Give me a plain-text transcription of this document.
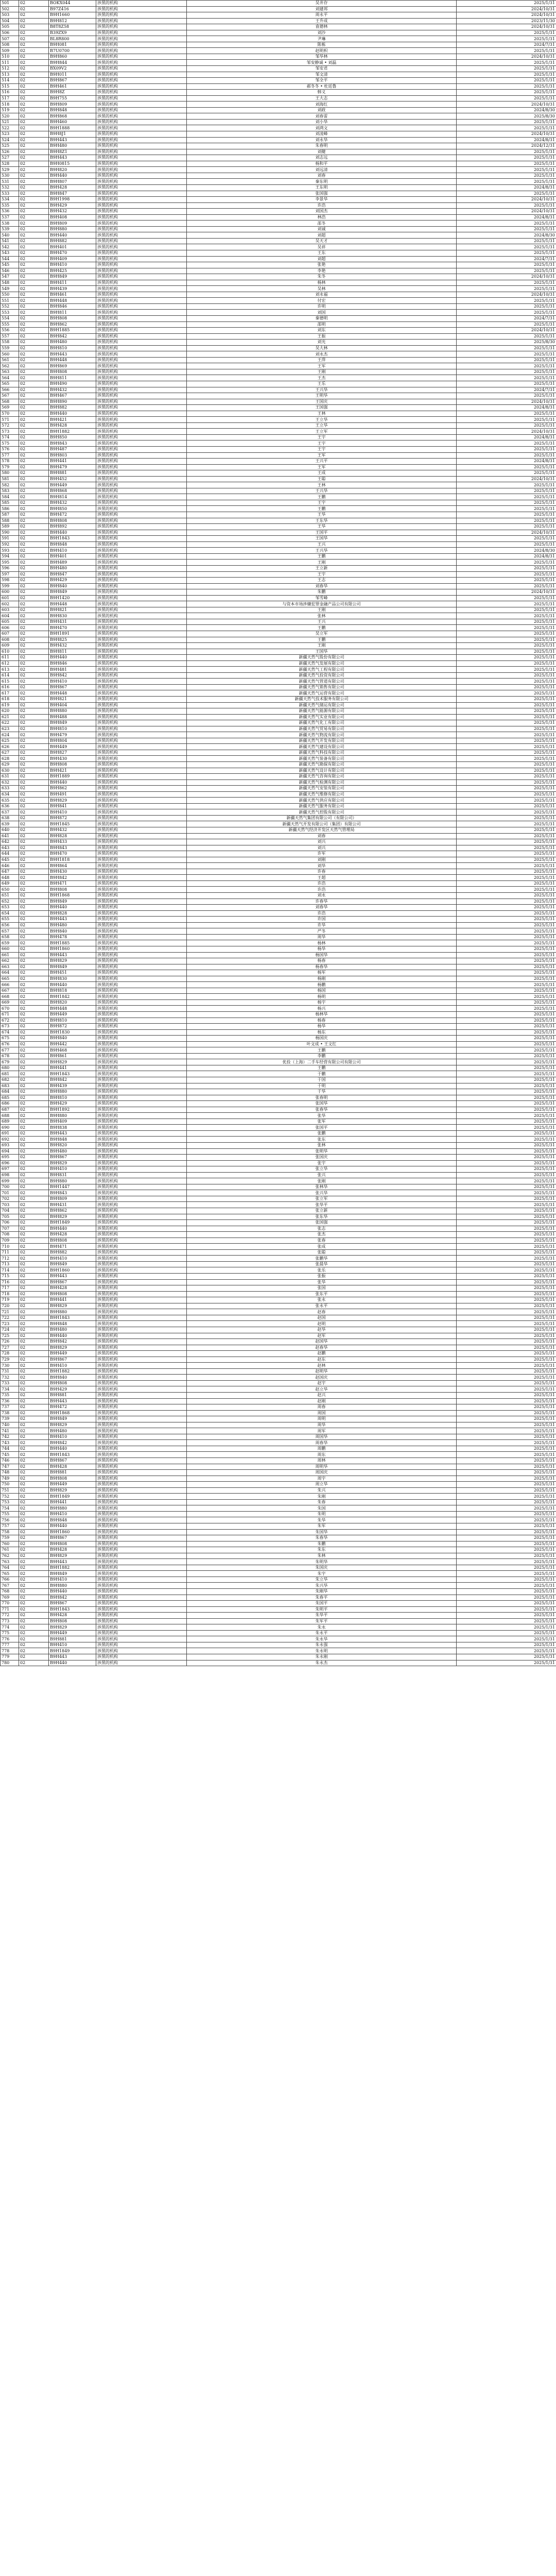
501	02	BOKX044	涉黑的机构	吴井存	2025/1/31
502	02	B97Z416	涉黑的机构	刘建邦	2024/10/31
503	02	B9H1660	涉黑的机构	周永平	2024/10/31
504	02	B9H812	涉黑的机构	王升成	2023/11/30
505	02	B8T8Z58	涉黑的机构	袁德林	2024/10/31
506	02	B39ZX9	涉黑的机构	刘沙	2025/1/31
507	02	BL8R800	涉黑的机构	尹琳	2025/1/31
508	02	B9H081	涉黑的机构	陈栋	2024/7/31
509	02	B7U0700	涉黑的机构	赵明枳	2025/1/31
510	02	B9H860	涉黑的机构	邹华林	2024/10/31
511	02	B9H844	涉黑的机构	邹安静诚 • 刘磊	2025/1/31
512	02	BX09V2	涉黑的机构	邹安君	2025/1/31
513	02	B9H011	涉黑的机构	邹文清	2025/1/31
514	02	B9H867	涉黑的机构	邹全平	2025/1/31
515	02	B9H461	涉黑的机构	郝冬冬 • 杜廷鲁	2025/1/31
516	02	B9H8Z	涉黑的机构	韩义	2025/1/31
517	02	B9H755	涉黑的机构	王大志	2025/1/31
518	02	B9H809	涉黑的机构	刘海红	2024/10/31
519	02	B9H848	涉黑的机构	刘政	2024/8/30
520	02	B9H868	涉黑的机构	刘春雷	2025/8/30
521	02	B9H460	涉黑的机构	刘小华	2025/1/31
522	02	B9H1888	涉黑的机构	刘鸿文	2025/1/31
523	02	B9H8J1	涉黑的机构	刘凌峰	2024/10/31
524	02	B9H443	涉黑的机构	刘永华	2024/8/31
525	02	B9H480	涉黑的机构	朱春明	2024/12/31
526	02	B9H8Z1	涉黑的机构	刘健	2025/1/31
527	02	B9H443	涉黑的机构	刘志远	2025/1/31
528	02	B9H0815	涉黑的机构	杨和平	2025/1/31
529	02	B9H820	涉黑的机构	刘远清	2025/1/31
530	02	B9H440	涉黑的机构	刘春	2025/1/31
531	02	B9H807	涉黑的机构	秦东明	2025/1/31
532	02	B9H428	涉黑的机构	王东明	2024/8/31
533	02	B9H847	涉黑的机构	张国强	2025/1/31
534	02	B9H1998	涉黑的机构	李景华	2024/10/31
535	02	B9H429	涉黑的机构	许浩	2025/1/31
536	02	B9H432	涉黑的机构	刘国杰	2024/10/31
537	02	B9H408	涉黑的机构	林浩	2024/8/31
538	02	B9H809	涉黑的机构	邵冬	2025/1/31
539	02	B9H880	涉黑的机构	刘诚	2025/1/31
540	02	B9H440	涉黑的机构	刘超	2024/8/30
541	02	B9H882	涉黑的机构	吴天才	2025/1/31
542	02	B9H401	涉黑的机构	吴祥	2025/1/31
543	02	B9H470	涉黑的机构	王东	2025/1/31
544	02	B9H409	涉黑的机构	刘超	2024/7/31
545	02	B9H410	涉黑的机构	张艳	2025/1/31
546	02	B9H425	涉黑的机构	李艳	2025/1/31
547	02	B9H849	涉黑的机构	朱冬	2024/10/31
548	02	B9H411	涉黑的机构	杨林	2025/1/31
549	02	B9H439	涉黑的机构	吴林	2025/1/31
550	02	B9H461	涉黑的机构	刘永福	2024/10/31
551	02	B9H448	涉黑的机构	付宏	2025/1/31
552	02	B9H846	涉黑的机构	许明	2025/1/31
553	02	B9H811	涉黑的机构	刘国	2025/1/31
554	02	B9H808	涉黑的机构	秦德明	2024/7/31
555	02	B9H862	涉黑的机构	邵明	2025/1/31
556	02	B9H1885	涉黑的机构	刘东	2024/10/31
557	02	B9H842	涉黑的机构	王振	2025/1/31
558	02	B9H480	涉黑的机构	刘光	2025/8/30
559	02	B9H810	涉黑的机构	吴大林	2025/1/31
560	02	B9H443	涉黑的机构	刘永杰	2025/1/31
561	02	B9H448	涉黑的机构	王萍	2025/1/31
562	02	B9H869	涉黑的机构	王军	2025/1/31
563	02	B9H808	涉黑的机构	王刚	2025/1/31
564	02	B9H811	涉黑的机构	王杰	2025/1/31
565	02	B9H490	涉黑的机构	王乐	2025/1/31
566	02	B9H432	涉黑的机构	王兴华	2024/7/31
567	02	B9H467	涉黑的机构	王明华	2025/1/31
568	02	B9H890	涉黑的机构	王国庆	2024/10/31
569	02	B9H882	涉黑的机构	王国强	2024/8/31
570	02	B9H440	涉黑的机构	王林	2025/1/31
571	02	B9H421	涉黑的机构	王立华	2025/1/31
572	02	B9H428	涉黑的机构	王立华	2025/1/31
573	02	B9H1882	涉黑的机构	王立军	2024/10/31
574	02	B9H850	涉黑的机构	王宇	2024/8/31
575	02	B9H843	涉黑的机构	王宇	2025/1/31
576	02	B9H487	涉黑的机构	王宇	2025/1/31
577	02	B9H803	涉黑的机构	王军	2025/1/31
578	02	B9H441	涉黑的机构	王兴平	2024/8/31
579	02	B9H479	涉黑的机构	王军	2025/1/31
580	02	B9H881	涉黑的机构	王成	2025/1/31
581	02	B9H452	涉黑的机构	王聪	2024/10/31
582	02	B9H449	涉黑的机构	王林	2025/1/31
583	02	B9H868	涉黑的机构	王兴华	2025/1/31
584	02	B9H814	涉黑的机构	王鹏	2025/1/31
585	02	B9H432	涉黑的机构	王宇	2025/1/31
586	02	B9H850	涉黑的机构	王鹏	2025/1/31
587	02	B9H472	涉黑的机构	王华	2025/1/31
588	02	B9H808	涉黑的机构	王东华	2025/1/31
589	02	B9H892	涉黑的机构	王华	2025/1/31
590	02	B9H440	涉黑的机构	王国平	2024/10/31
591	02	B9H1843	涉黑的机构	王国华	2025/1/31
592	02	B9H848	涉黑的机构	王兴	2025/1/31
593	02	B9H410	涉黑的机构	王兴华	2024/8/30
594	02	B9H401	涉黑的机构	王鹏	2024/8/31
595	02	B9H489	涉黑的机构	王刚	2025/1/31
596	02	B9H480	涉黑的机构	王立新	2025/1/31
597	02	B9H847	涉黑的机构	王宇	2025/1/31
598	02	B9H429	涉黑的机构	王志	2025/1/31
599	02	B9H840	涉黑的机构	刘春华	2025/1/31
600	02	B9H849	涉黑的机构	朱鹏	2024/10/31
601	02	B9H1420	涉黑的机构	邹雪峰	2025/1/31
602	02	B9H448	涉黑的机构	与资本市场涉嫌犯罪金融产品公司有限公司	2025/1/31
603	02	B9H821	涉黑的机构	王刚	2025/1/31
604	02	B9H830	涉黑的机构	张林	2025/1/31
605	02	B9H431	涉黑的机构	王兴	2025/1/31
606	02	B9H470	涉黑的机构	王鹏	2025/1/31
607	02	B9H1891	涉黑的机构	吴立军	2025/1/31
608	02	B9H825	涉黑的机构	王鹏	2025/1/31
609	02	B9H432	涉黑的机构	王刚	2025/1/31
610	02	B9H811	涉黑的机构	王国华	2025/1/31
611	02	B9H440	涉黑的机构	新疆天然气股份有限公司	2025/1/31
612	02	B9H846	涉黑的机构	新疆天然气发展有限公司	2025/1/31
613	02	B9H481	涉黑的机构	新疆天然气工程有限公司	2025/1/31
614	02	B9H842	涉黑的机构	新疆天然气投资有限公司	2025/1/31
615	02	B9H410	涉黑的机构	新疆天然气管道有限公司	2025/1/31
616	02	B9H867	涉黑的机构	新疆天然气销售有限公司	2025/1/31
617	02	B9H448	涉黑的机构	新疆天然气运营有限公司	2025/1/31
618	02	B9H821	涉黑的机构	新疆天然气技术服务有限公司	2025/1/31
619	02	B9H404	涉黑的机构	新疆天然气储运有限公司	2025/1/31
620	02	B9H880	涉黑的机构	新疆天然气能源有限公司	2025/1/31
621	02	B9H488	涉黑的机构	新疆天然气实业有限公司	2025/1/31
622	02	B9H849	涉黑的机构	新疆天然气化工有限公司	2025/1/31
623	02	B9H810	涉黑的机构	新疆天然气贸易有限公司	2025/1/31
624	02	B9H479	涉黑的机构	新疆天然气物流有限公司	2025/1/31
625	02	B9H804	涉黑的机构	新疆天然气开发有限公司	2025/1/31
626	02	B9H449	涉黑的机构	新疆天然气建设有限公司	2025/1/31
627	02	B9H827	涉黑的机构	新疆天然气科技有限公司	2025/1/31
628	02	B9H430	涉黑的机构	新疆天然气装备有限公司	2025/1/31
629	02	B9H808	涉黑的机构	新疆天然气勘探有限公司	2025/1/31
630	02	B9H421	涉黑的机构	新疆天然气设计有限公司	2025/1/31
631	02	B9H1889	涉黑的机构	新疆天然气咨询有限公司	2025/1/31
632	02	B9H440	涉黑的机构	新疆天然气检测有限公司	2025/1/31
633	02	B9H862	涉黑的机构	新疆天然气安装有限公司	2025/1/31
634	02	B9H491	涉黑的机构	新疆天然气维修有限公司	2025/1/31
635	02	B9H829	涉黑的机构	新疆天然气供应有限公司	2025/1/31
636	02	B9H841	涉黑的机构	新疆天然气服务有限公司	2025/1/31
637	02	B9H410	涉黑的机构	新疆天然气控股有限公司	2025/1/31
638	02	B9H872	涉黑的机构	新疆天然气集团有限公司（有限公司）	2025/1/31
639	02	B9H1845	涉黑的机构	新疆天然气开发有限公司（集团）有限公司	2025/1/31
640	02	B9H432	涉黑的机构	新疆天然气经济开发区天然气管理局	2025/1/31
641	02	B9H828	涉黑的机构	刘春	2025/1/31
642	02	B9H433	涉黑的机构	刘兴	2025/1/31
643	02	B9H843	涉黑的机构	刘兴	2025/1/31
644	02	B9H470	涉黑的机构	许军	2025/1/31
645	02	B9H1818	涉黑的机构	刘刚	2025/1/31
646	02	B9H864	涉黑的机构	刘华	2025/1/31
647	02	B9H430	涉黑的机构	许春	2025/1/31
648	02	B9H842	涉黑的机构	王超	2025/1/31
649	02	B9H471	涉黑的机构	许浩	2025/1/31
650	02	B9H808	涉黑的机构	许浩	2025/1/31
651	02	B9H1868	涉黑的机构	刘永	2025/1/31
652	02	B9H849	涉黑的机构	许春华	2025/1/31
653	02	B9H440	涉黑的机构	刘春华	2025/1/31
654	02	B9H828	涉黑的机构	许浩	2025/1/31
655	02	B9H443	涉黑的机构	许国	2025/1/31
656	02	B9H480	涉黑的机构	许华	2025/1/31
657	02	B9H840	涉黑的机构	严冬	2025/1/31
658	02	B9H478	涉黑的机构	周华	2025/1/31
659	02	B9H1885	涉黑的机构	杨林	2025/1/31
660	02	B9H1860	涉黑的机构	杨华	2025/1/31
661	02	B9H443	涉黑的机构	杨国华	2025/1/31
662	02	B9H829	涉黑的机构	杨春	2025/1/31
663	02	B9H849	涉黑的机构	杨春华	2025/1/31
664	02	B9H451	涉黑的机构	杨军	2025/1/31
665	02	B9H830	涉黑的机构	杨刚	2025/1/31
666	02	B9H440	涉黑的机构	杨鹏	2025/1/31
667	02	B9H818	涉黑的机构	杨国	2025/1/31
668	02	B9H1842	涉黑的机构	杨明	2025/1/31
669	02	B9H820	涉黑的机构	杨宇	2025/1/31
670	02	B9H448	涉黑的机构	杨兴	2025/1/31
671	02	B9H449	涉黑的机构	杨林华	2025/1/31
672	02	B9H810	涉黑的机构	杨春	2025/1/31
673	02	B9H872	涉黑的机构	杨华	2025/1/31
674	02	B9H1830	涉黑的机构	杨东	2025/1/31
675	02	B9H840	涉黑的机构	杨国庆	2025/1/31
676	02	B9H442	涉黑的机构	叶文成 • 王文红	2025/1/31
677	02	B9H468	涉黑的机构	王鹏	2025/1/31
678	02	B9H861	涉黑的机构	李鹏	2025/1/31
679	02	B9H829	涉黑的机构	优投（上海）二手车经营有限公司有限公司	2025/1/31
680	02	B9H441	涉黑的机构	王鹏	2025/1/31
681	02	B9H1843	涉黑的机构	于鹏	2025/1/31
682	02	B9H842	涉黑的机构	于国	2025/1/31
683	02	B9H439	涉黑的机构	于明	2025/1/31
684	02	B9H880	涉黑的机构	于华	2025/1/31
685	02	B9H810	涉黑的机构	张春明	2025/1/31
686	02	B9H429	涉黑的机构	张国华	2025/1/31
687	02	B9H1892	涉黑的机构	张春华	2025/1/31
688	02	B9H880	涉黑的机构	张华	2025/1/31
689	02	B9H409	涉黑的机构	张军	2025/1/31
690	02	B9H838	涉黑的机构	张国平	2025/1/31
691	02	B9H443	涉黑的机构	张鹏	2025/1/31
692	02	B9H848	涉黑的机构	张东	2025/1/31
693	02	B9H820	涉黑的机构	张林	2025/1/31
694	02	B9H480	涉黑的机构	张明华	2025/1/31
695	02	B9H867	涉黑的机构	张国庆	2025/1/31
696	02	B9H829	涉黑的机构	张宇	2025/1/31
697	02	B9H410	涉黑的机构	张立华	2025/1/31
698	02	B9H831	涉黑的机构	张兴	2025/1/31
699	02	B9H880	涉黑的机构	张刚	2025/1/31
700	02	B9H1447	涉黑的机构	张林华	2025/1/31
701	02	B9H843	涉黑的机构	张兴华	2025/1/31
702	02	B9H809	涉黑的机构	张立军	2025/1/31
703	02	B9H431	涉黑的机构	张华平	2025/1/31
704	02	B9H862	涉黑的机构	张立新	2025/1/31
705	02	B9H829	涉黑的机构	张东华	2025/1/31
706	02	B9H1849	涉黑的机构	张国强	2025/1/31
707	02	B9H440	涉黑的机构	张志	2025/1/31
708	02	B9H428	涉黑的机构	张杰	2025/1/31
709	02	B9H808	涉黑的机构	张春	2025/1/31
710	02	B9H471	涉黑的机构	张成	2025/1/31
711	02	B9H882	涉黑的机构	张聪	2025/1/31
712	02	B9H410	涉黑的机构	张鹏华	2025/1/31
713	02	B9H849	涉黑的机构	张晨华	2025/1/31
714	02	B9H1860	涉黑的机构	张乐	2025/1/31
715	02	B9H443	涉黑的机构	张振	2025/1/31
716	02	B9H867	涉黑的机构	张华	2025/1/31
717	02	B9H428	涉黑的机构	张国	2025/1/31
718	02	B9H808	涉黑的机构	张东平	2025/1/31
719	02	B9H441	涉黑的机构	张永	2025/1/31
720	02	B9H829	涉黑的机构	张永平	2025/1/31
721	02	B9H880	涉黑的机构	赵春	2025/1/31
722	02	B9H1843	涉黑的机构	赵国	2025/1/31
723	02	B9H848	涉黑的机构	赵明	2025/1/31
724	02	B9H480	涉黑的机构	赵华	2025/1/31
725	02	B9H440	涉黑的机构	赵军	2025/1/31
726	02	B9H842	涉黑的机构	赵国华	2025/1/31
727	02	B9H829	涉黑的机构	赵春华	2025/1/31
728	02	B9H449	涉黑的机构	赵鹏	2025/1/31
729	02	B9H867	涉黑的机构	赵东	2025/1/31
730	02	B9H410	涉黑的机构	赵林	2025/1/31
731	02	B9H1882	涉黑的机构	赵明华	2025/1/31
732	02	B9H840	涉黑的机构	赵国庆	2025/1/31
733	02	B9H808	涉黑的机构	赵宇	2025/1/31
734	02	B9H429	涉黑的机构	赵立华	2025/1/31
735	02	B9H881	涉黑的机构	赵兴	2025/1/31
736	02	B9H443	涉黑的机构	赵刚	2025/1/31
737	02	B9H472	涉黑的机构	周春	2025/1/31
738	02	B9H1868	涉黑的机构	周国	2025/1/31
739	02	B9H849	涉黑的机构	周明	2025/1/31
740	02	B9H829	涉黑的机构	周华	2025/1/31
741	02	B9H480	涉黑的机构	周军	2025/1/31
742	02	B9H410	涉黑的机构	周国华	2025/1/31
743	02	B9H842	涉黑的机构	周春华	2025/1/31
744	02	B9H440	涉黑的机构	周鹏	2025/1/31
745	02	B9H1843	涉黑的机构	周东	2025/1/31
746	02	B9H867	涉黑的机构	周林	2025/1/31
747	02	B9H428	涉黑的机构	周明华	2025/1/31
748	02	B9H881	涉黑的机构	周国庆	2025/1/31
749	02	B9H808	涉黑的机构	周宇	2025/1/31
750	02	B9H449	涉黑的机构	周立华	2025/1/31
751	02	B9H829	涉黑的机构	朱兴	2025/1/31
752	02	B9H1849	涉黑的机构	朱刚	2025/1/31
753	02	B9H441	涉黑的机构	朱春	2025/1/31
754	02	B9H880	涉黑的机构	朱国	2025/1/31
755	02	B9H410	涉黑的机构	朱明	2025/1/31
756	02	B9H848	涉黑的机构	朱华	2025/1/31
757	02	B9H440	涉黑的机构	朱军	2025/1/31
758	02	B9H1860	涉黑的机构	朱国华	2025/1/31
759	02	B9H867	涉黑的机构	朱春华	2025/1/31
760	02	B9H808	涉黑的机构	朱鹏	2025/1/31
761	02	B9H428	涉黑的机构	朱东	2025/1/31
762	02	B9H829	涉黑的机构	朱林	2025/1/31
763	02	B9H443	涉黑的机构	朱明华	2025/1/31
764	02	B9H1882	涉黑的机构	朱国庆	2025/1/31
765	02	B9H849	涉黑的机构	朱宇	2025/1/31
766	02	B9H410	涉黑的机构	朱立华	2025/1/31
767	02	B9H880	涉黑的机构	朱兴华	2025/1/31
768	02	B9H440	涉黑的机构	朱刚华	2025/1/31
769	02	B9H842	涉黑的机构	朱春平	2025/1/31
770	02	B9H867	涉黑的机构	朱国平	2025/1/31
771	02	B9H1843	涉黑的机构	朱明平	2025/1/31
772	02	B9H428	涉黑的机构	朱华平	2025/1/31
773	02	B9H808	涉黑的机构	朱军平	2025/1/31
774	02	B9H829	涉黑的机构	朱永	2025/1/31
775	02	B9H449	涉黑的机构	朱永平	2025/1/31
776	02	B9H881	涉黑的机构	朱永华	2025/1/31
777	02	B9H410	涉黑的机构	朱永强	2025/1/31
778	02	B9H1849	涉黑的机构	朱永明	2025/1/31
779	02	B9H443	涉黑的机构	朱永刚	2025/1/31
780	02	B9H440	涉黑的机构	朱永杰	2025/1/31
